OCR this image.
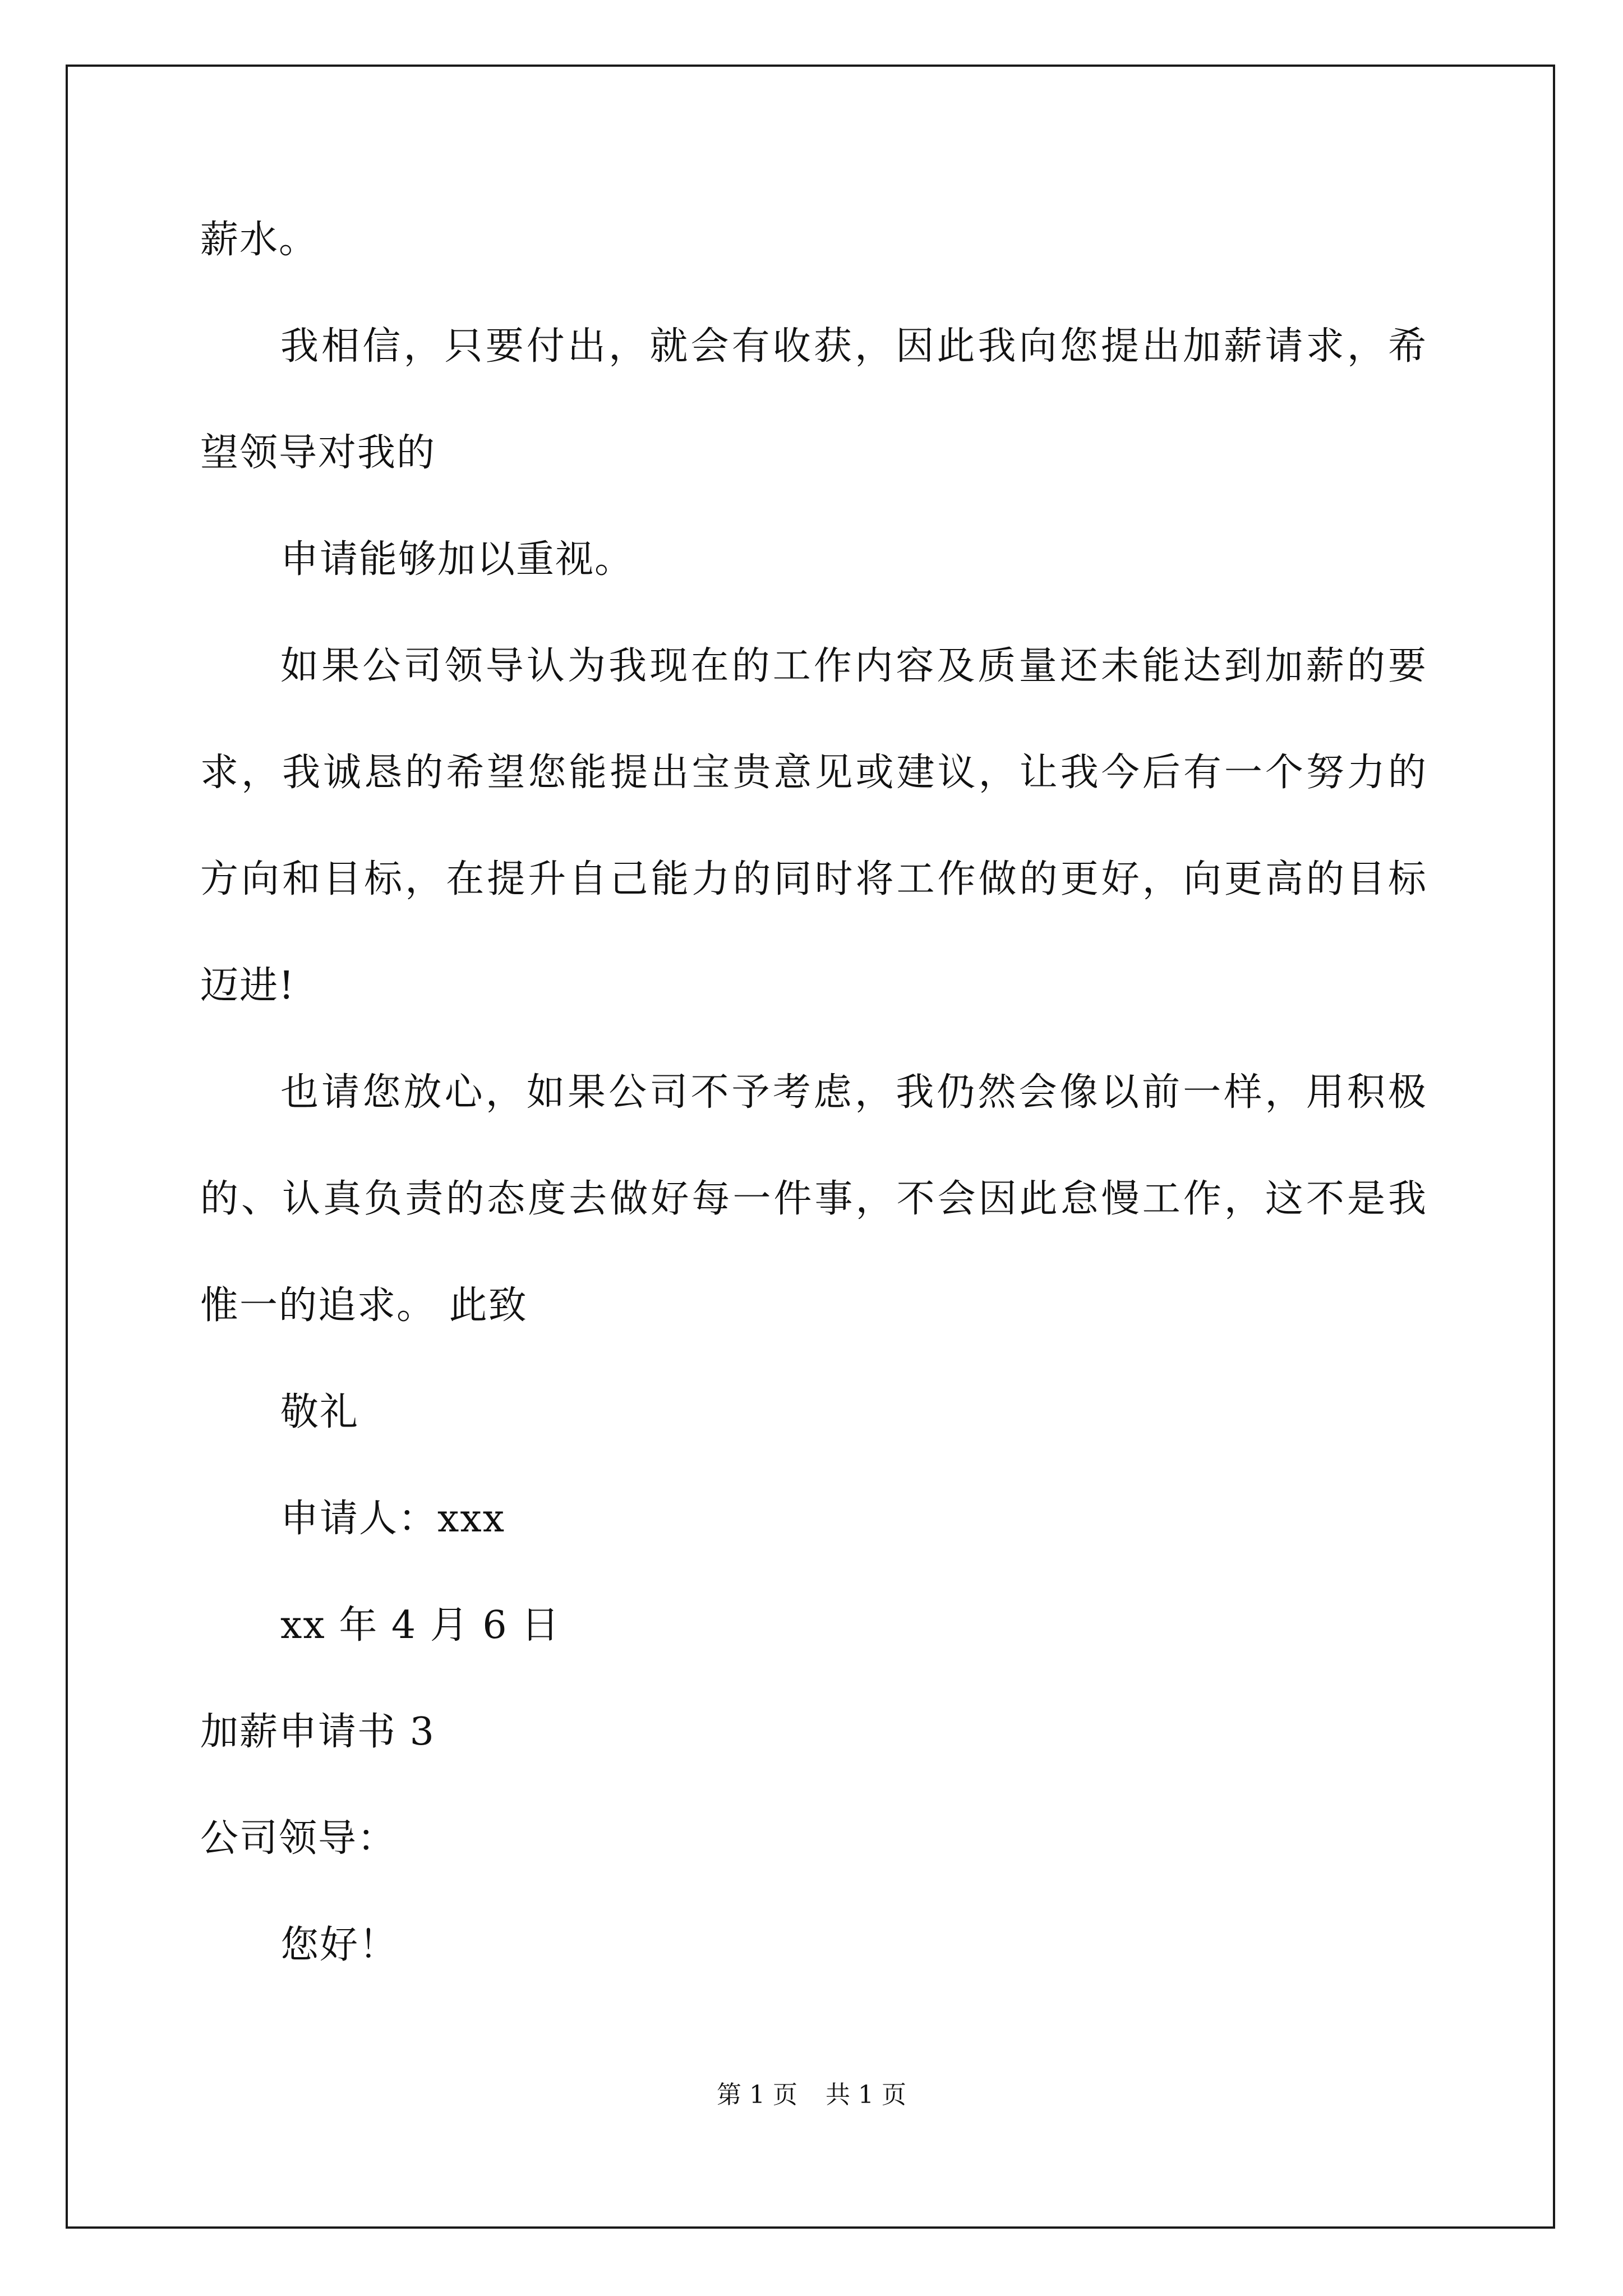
薪水。
我相信，只要付出，就会有收获，因此我向您提出加薪请求，希
望领导对我的
申请能够加以重视。
如果公司领导认为我现在的工作内容及质量还未能达到加薪的要
求，我诚恳的希望您能提出宝贵意见或建议，让我今后有一个努力的
方向和目标，在提升自己能力的同时将工作做的更好，向更高的目标
迈进!
也请您放心，如果公司不予考虑，我仍然会像以前一样，用积极
的、认真负责的态度去做好每一件事，不会因此怠慢工作，这不是我
惟一的追求。 此致
敬礼
申请人：xxx
xx 年 4 月 6 日
加薪申请书 3
公司领导：
您好！
第 1 页 共 1 页
